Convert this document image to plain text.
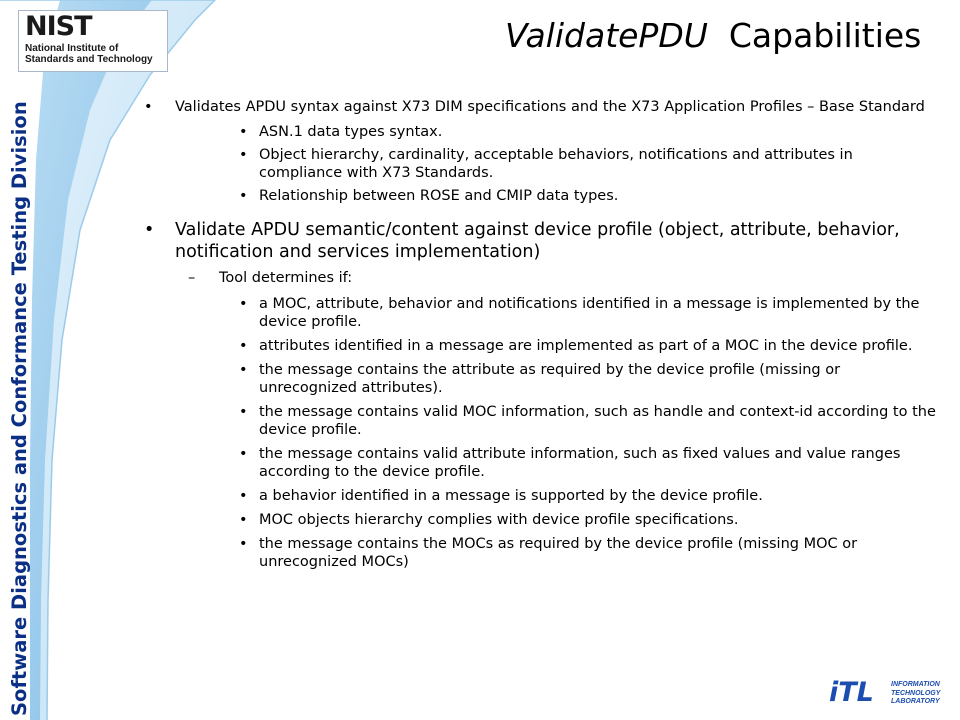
NIST
National Institute of
Standards and Technology
Software Diagnostics and Conformance Testing Division
ValidatePDU Capabilities
• Validates APDU syntax against X73 DIM specifications and the X73 Application Profiles – Base Standard
• ASN.1 data types syntax.
• Object hierarchy, cardinality, acceptable behaviors, notifications and attributes in compliance with X73 Standards.
• Relationship between ROSE and CMIP data types.
• Validate APDU semantic/content against device profile (object, attribute, behavior, notification and services implementation)
– Tool determines if:
• a MOC, attribute, behavior and notifications identified in a message is implemented by the device profile.
• attributes identified in a message are implemented as part of a MOC in the device profile.
• the message contains the attribute as required by the device profile (missing or unrecognized attributes).
• the message contains valid MOC information, such as handle and context-id according to the device profile.
• the message contains valid attribute information, such as fixed values and value ranges according to the device profile.
• a behavior identified in a message is supported by the device profile.
• MOC objects hierarchy complies with device profile specifications.
• the message contains the MOCs as required by the device profile (missing MOC or unrecognized MOCs)
iTL INFORMATION
TECHNOLOGY
LABORATORY
